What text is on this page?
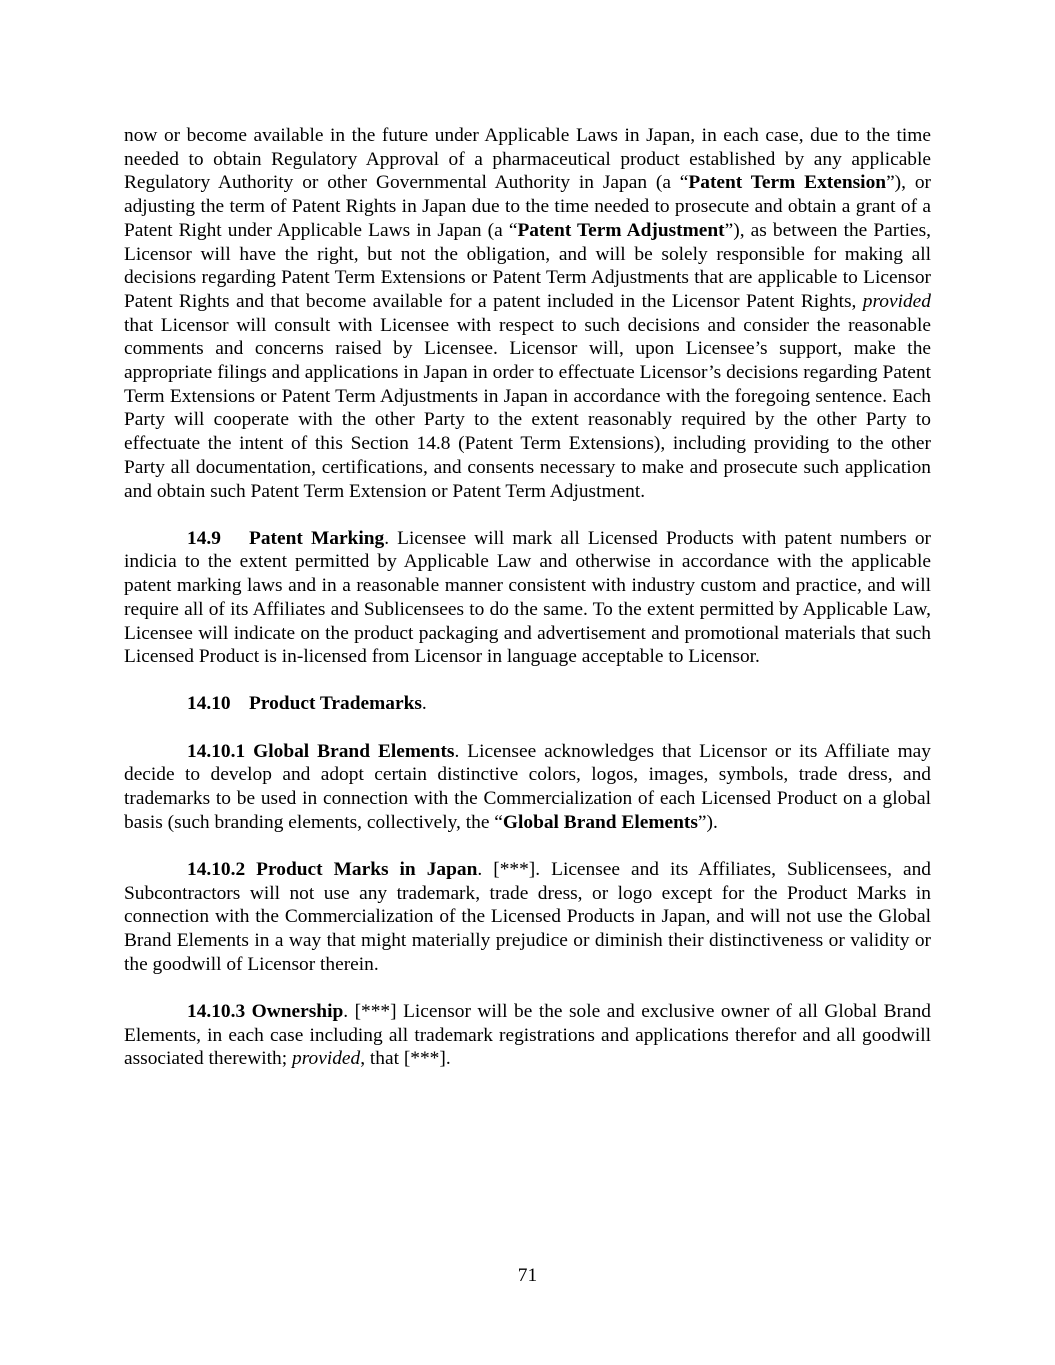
now or become available in the future under Applicable Laws in Japan, in each case, due to the time needed to obtain Regulatory Approval of a pharmaceutical product established by any applicable Regulatory Authority or other Governmental Authority in Japan (a “Patent Term Extension”), or adjusting the term of Patent Rights in Japan due to the time needed to prosecute and obtain a grant of a Patent Right under Applicable Laws in Japan (a “Patent Term Adjustment”), as between the Parties, Licensor will have the right, but not the obligation, and will be solely responsible for making all decisions regarding Patent Term Extensions or Patent Term Adjustments that are applicable to Licensor Patent Rights and that become available for a patent included in the Licensor Patent Rights, provided that Licensor will consult with Licensee with respect to such decisions and consider the reasonable comments and concerns raised by Licensee. Licensor will, upon Licensee’s support, make the appropriate filings and applications in Japan in order to effectuate Licensor’s decisions regarding Patent Term Extensions or Patent Term Adjustments in Japan in accordance with the foregoing sentence. Each Party will cooperate with the other Party to the extent reasonably required by the other Party to effectuate the intent of this Section 14.8 (Patent Term Extensions), including providing to the other Party all documentation, certifications, and consents necessary to make and prosecute such application and obtain such Patent Term Extension or Patent Term Adjustment.

14.9 Patent Marking. Licensee will mark all Licensed Products with patent numbers or indicia to the extent permitted by Applicable Law and otherwise in accordance with the applicable patent marking laws and in a reasonable manner consistent with industry custom and practice, and will require all of its Affiliates and Sublicensees to do the same. To the extent permitted by Applicable Law, Licensee will indicate on the product packaging and advertisement and promotional materials that such Licensed Product is in-licensed from Licensor in language acceptable to Licensor.

14.10 Product Trademarks.

14.10.1 Global Brand Elements. Licensee acknowledges that Licensor or its Affiliate may decide to develop and adopt certain distinctive colors, logos, images, symbols, trade dress, and trademarks to be used in connection with the Commercialization of each Licensed Product on a global basis (such branding elements, collectively, the “Global Brand Elements”).

14.10.2 Product Marks in Japan. [***]. Licensee and its Affiliates, Sublicensees, and Subcontractors will not use any trademark, trade dress, or logo except for the Product Marks in connection with the Commercialization of the Licensed Products in Japan, and will not use the Global Brand Elements in a way that might materially prejudice or diminish their distinctiveness or validity or the goodwill of Licensor therein.

14.10.3 Ownership. [***] Licensor will be the sole and exclusive owner of all Global Brand Elements, in each case including all trademark registrations and applications therefor and all goodwill associated therewith; provided, that [***].

71
